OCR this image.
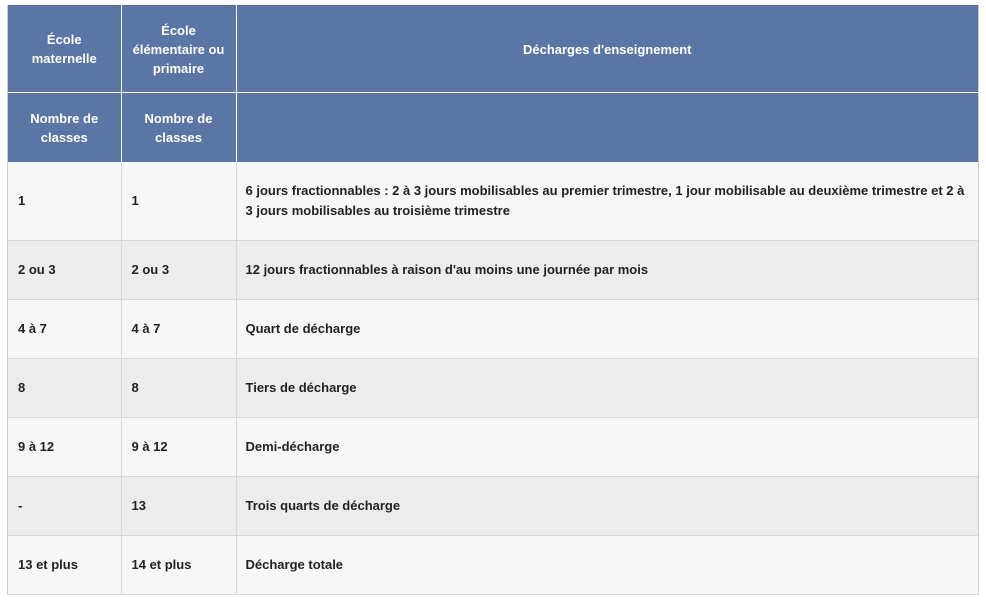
École maternelle	École élémentaire ou primaire	Décharges d'enseignement
Nombre de classes	Nombre de classes	
1	1	6 jours fractionnables : 2 à 3 jours mobilisables au premier trimestre, 1 jour mobilisable au deuxième trimestre et 2 à 3 jours mobilisables au troisième trimestre
2 ou 3	2 ou 3	12 jours fractionnables à raison d'au moins une journée par mois
4 à 7	4 à 7	Quart de décharge
8	8	Tiers de décharge
9 à 12	9 à 12	Demi-décharge
-	13	Trois quarts de décharge
13 et plus	14 et plus	Décharge totale
